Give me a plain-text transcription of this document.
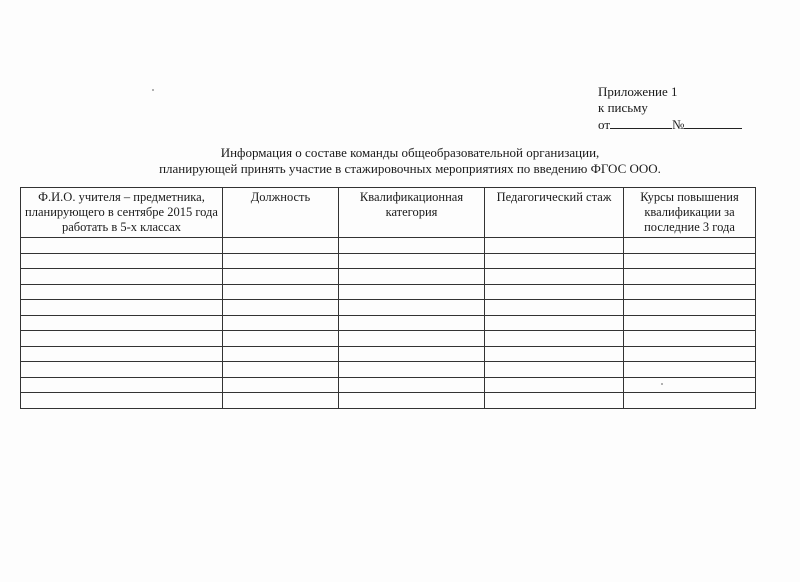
Приложение 1
к письму
от	№
Информация о составе команды общеобразовательной организации,
планирующей принять участие в стажировочных мероприятиях по введению ФГОС ООО.
Ф.И.О. учителя – предметника, планирующего в сентябре 2015 года работать в 5-х классах	Должность	Квалификационная категория	Педагогический стаж	Курсы повышения квалификации за последние 3 года
